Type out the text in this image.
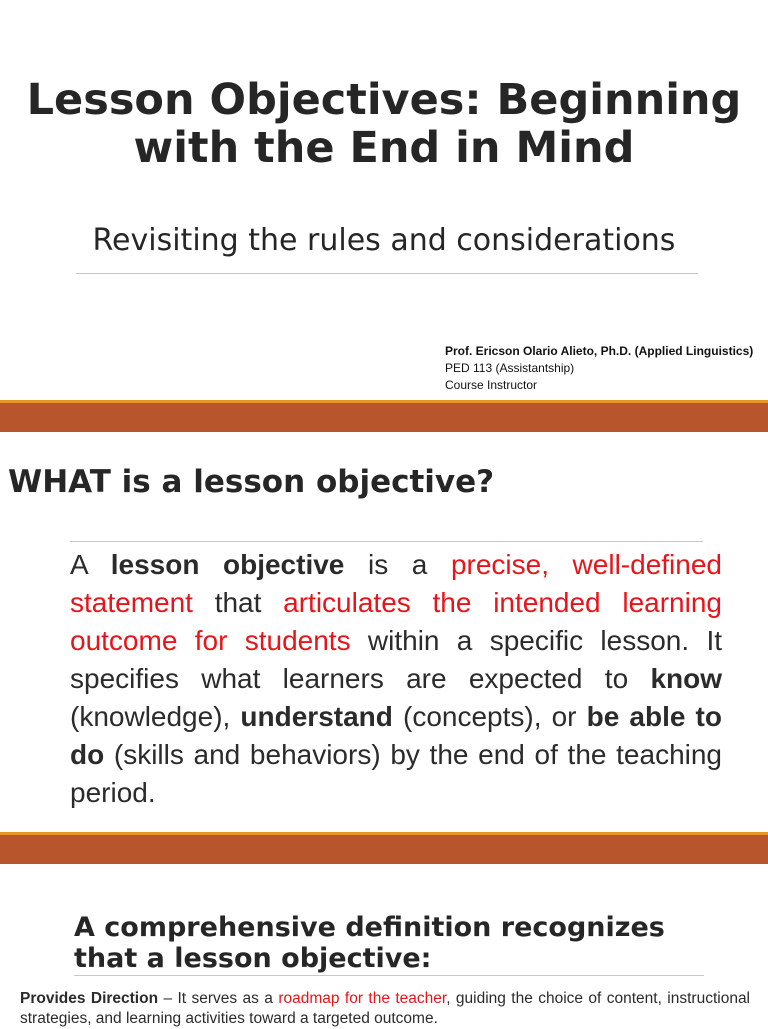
Lesson Objectives: Beginning with the End in Mind
Revisiting the rules and considerations
Prof. Ericson Olario Alieto, Ph.D. (Applied Linguistics)
PED 113 (Assistantship)
Course Instructor
WHAT is a lesson objective?
A lesson objective is a precise, well-defined statement that articulates the intended learning outcome for students within a specific lesson. It specifies what learners are expected to know (knowledge), understand (concepts), or be able to do (skills and behaviors) by the end of the teaching period.
A comprehensive definition recognizes that a lesson objective:
Provides Direction – It serves as a roadmap for the teacher, guiding the choice of content, instructional strategies, and learning activities toward a targeted outcome.
